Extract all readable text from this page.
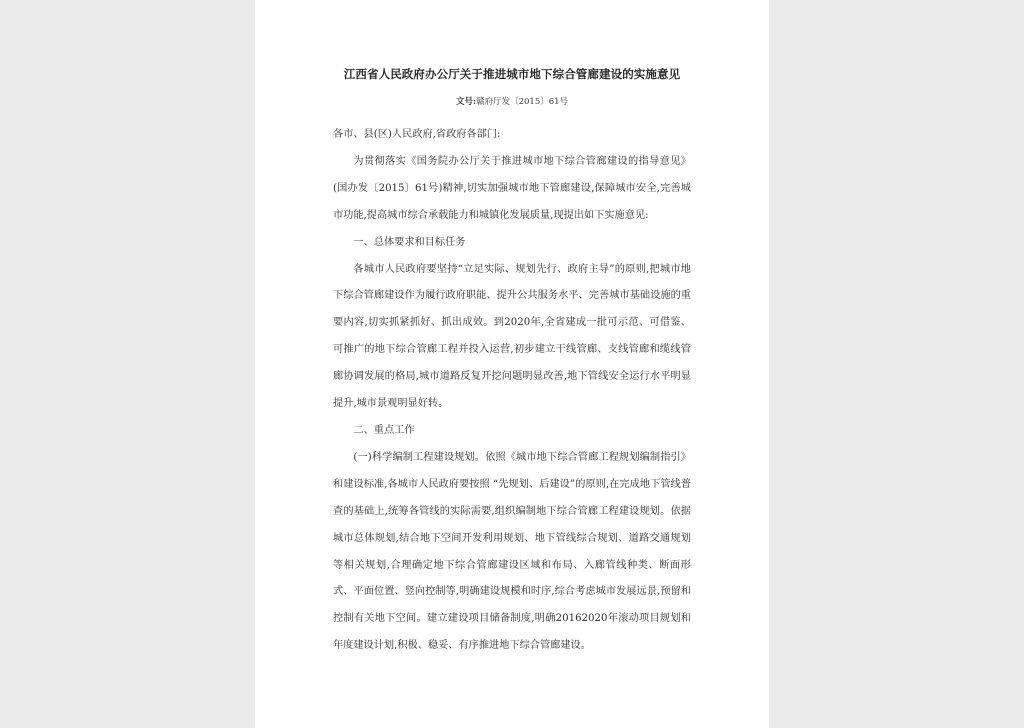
江西省人民政府办公厅关于推进城市地下综合管廊建设的实施意见
文号:赣府厅发〔2015〕61号

各市、县(区)人民政府,省政府各部门:

为贯彻落实《国务院办公厅关于推进城市地下综合管廊建设的指导意见》(国办发〔2015〕61号)精神,切实加强城市地下管廊建设,保障城市安全,完善城市功能,提高城市综合承载能力和城镇化发展质量,现提出如下实施意见:

一、总体要求和目标任务

各城市人民政府要坚持“立足实际、规划先行、政府主导”的原则,把城市地下综合管廊建设作为履行政府职能、提升公共服务水平、完善城市基础设施的重要内容,切实抓紧抓好、抓出成效。到2020年,全省建成一批可示范、可借鉴、可推广的地下综合管廊工程并投入运营,初步建立干线管廊、支线管廊和缆线管廊协调发展的格局,城市道路反复开挖问题明显改善,地下管线安全运行水平明显提升,城市景观明显好转。

二、重点工作

(一)科学编制工程建设规划。依照《城市地下综合管廊工程规划编制指引》和建设标准,各城市人民政府要按照 “先规划、后建设”的原则,在完成地下管线普查的基础上,统筹各管线的实际需要,组织编制地下综合管廊工程建设规划。依据城市总体规划,结合地下空间开发利用规划、地下管线综合规划、道路交通规划等相关规划,合理确定地下综合管廊建设区域和布局、入廊管线种类、断面形式、平面位置、竖向控制等,明确建设规模和时序,综合考虑城市发展远景,预留和控制有关地下空间。建立建设项目储备制度,明确20162020年滚动项目规划和年度建设计划,积极、稳妥、有序推进地下综合管廊建设。
